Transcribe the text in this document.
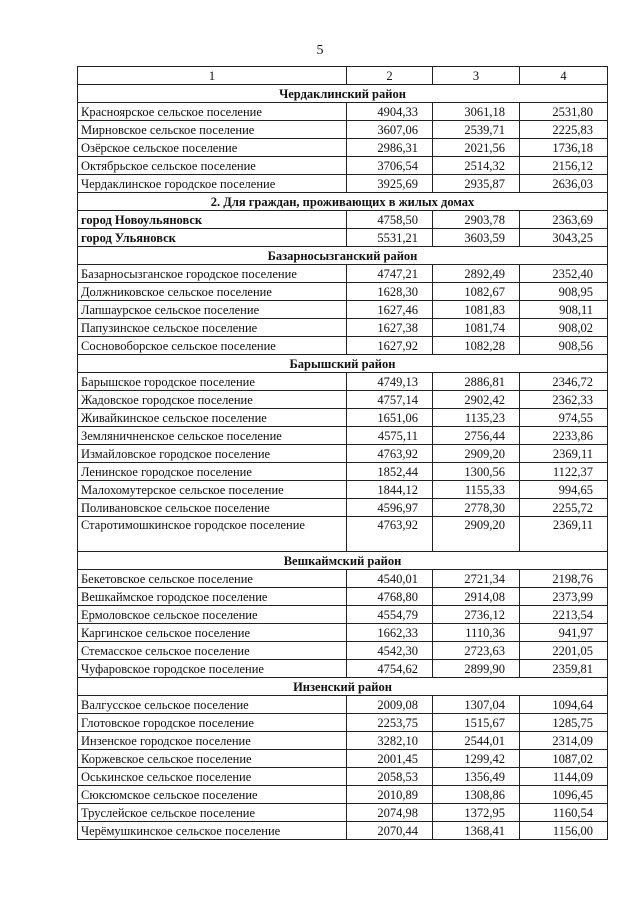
5
1	2	3	4
Чердаклинский район			
Красноярское сельское поселение	4904,33	3061,18	2531,80
Мирновское сельское поселение	3607,06	2539,71	2225,83
Озёрское сельское поселение	2986,31	2021,56	1736,18
Октябрьское сельское поселение	3706,54	2514,32	2156,12
Чердаклинское городское поселение	3925,69	2935,87	2636,03
2. Для граждан, проживающих в жилых домах			
город Новоульяновск	4758,50	2903,78	2363,69
город Ульяновск	5531,21	3603,59	3043,25
Базарносызганский район			
Базарносызганское городское поселение	4747,21	2892,49	2352,40
Должниковское сельское поселение	1628,30	1082,67	908,95
Лапшаурское сельское поселение	1627,46	1081,83	908,11
Папузинское сельское поселение	1627,38	1081,74	908,02
Сосновоборское сельское поселение	1627,92	1082,28	908,56
Барышский район			
Барышское городское поселение	4749,13	2886,81	2346,72
Жадовское городское поселение	4757,14	2902,42	2362,33
Живайкинское сельское поселение	1651,06	1135,23	974,55
Земляничненское сельское поселение	4575,11	2756,44	2233,86
Измайловское городское поселение	4763,92	2909,20	2369,11
Ленинское городское поселение	1852,44	1300,56	1122,37
Малохомутерское сельское поселение	1844,12	1155,33	994,65
Поливановское сельское поселение	4596,97	2778,30	2255,72
Старотимошкинское городское поселение	4763,92	2909,20	2369,11
Вешкаймский район			
Бекетовское сельское поселение	4540,01	2721,34	2198,76
Вешкаймское городское поселение	4768,80	2914,08	2373,99
Ермоловское сельское поселение	4554,79	2736,12	2213,54
Каргинское сельское поселение	1662,33	1110,36	941,97
Стемасское сельское поселение	4542,30	2723,63	2201,05
Чуфаровское городское поселение	4754,62	2899,90	2359,81
Инзенский район			
Валгусское сельское поселение	2009,08	1307,04	1094,64
Глотовское городское поселение	2253,75	1515,67	1285,75
Инзенское городское поселение	3282,10	2544,01	2314,09
Коржевское сельское поселение	2001,45	1299,42	1087,02
Оськинское сельское поселение	2058,53	1356,49	1144,09
Сюксюмское сельское поселение	2010,89	1308,86	1096,45
Труслейское сельское поселение	2074,98	1372,95	1160,54
Черёмушкинское сельское поселение	2070,44	1368,41	1156,00
